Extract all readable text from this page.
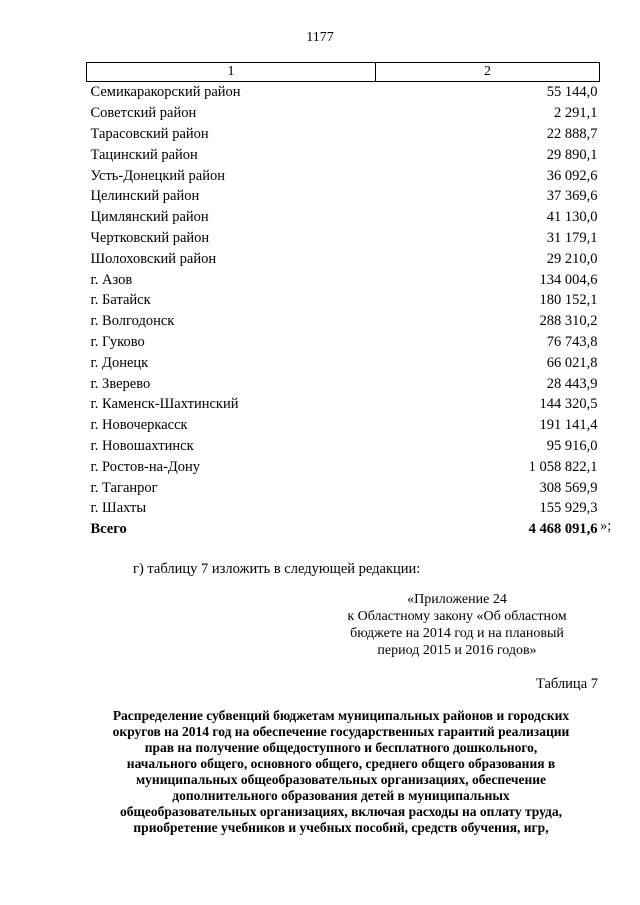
1177
1	2
Семикаракорский район	55 144,0
Советский район	2 291,1
Тарасовский район	22 888,7
Тацинский район	29 890,1
Усть-Донецкий район	36 092,6
Целинский район	37 369,6
Цимлянский район	41 130,0
Чертковский район	31 179,1
Шолоховский район	29 210,0
г. Азов	134 004,6
г. Батайск	180 152,1
г. Волгодонск	288 310,2
г. Гуково	76 743,8
г. Донецк	66 021,8
г. Зверево	28 443,9
г. Каменск-Шахтинский	144 320,5
г. Новочеркасск	191 141,4
г. Новошахтинск	95 916,0
г. Ростов-на-Дону	1 058 822,1
г. Таганрог	308 569,9
г. Шахты	155 929,3
Всего	4 468 091,6 »;
г) таблицу 7 изложить в следующей редакции:
«Приложение 24
к Областному закону «Об областном
бюджете на 2014 год и на плановый
период 2015 и 2016 годов»
Таблица 7
Распределение субвенций бюджетам муниципальных районов и городских
округов на 2014 год на обеспечение государственных гарантий реализации
прав на получение общедоступного и бесплатного дошкольного,
начального общего, основного общего, среднего общего образования в
муниципальных общеобразовательных организациях, обеспечение
дополнительного образования детей в муниципальных
общеобразовательных организациях, включая расходы на оплату труда,
приобретение учебников и учебных пособий, средств обучения, игр,
